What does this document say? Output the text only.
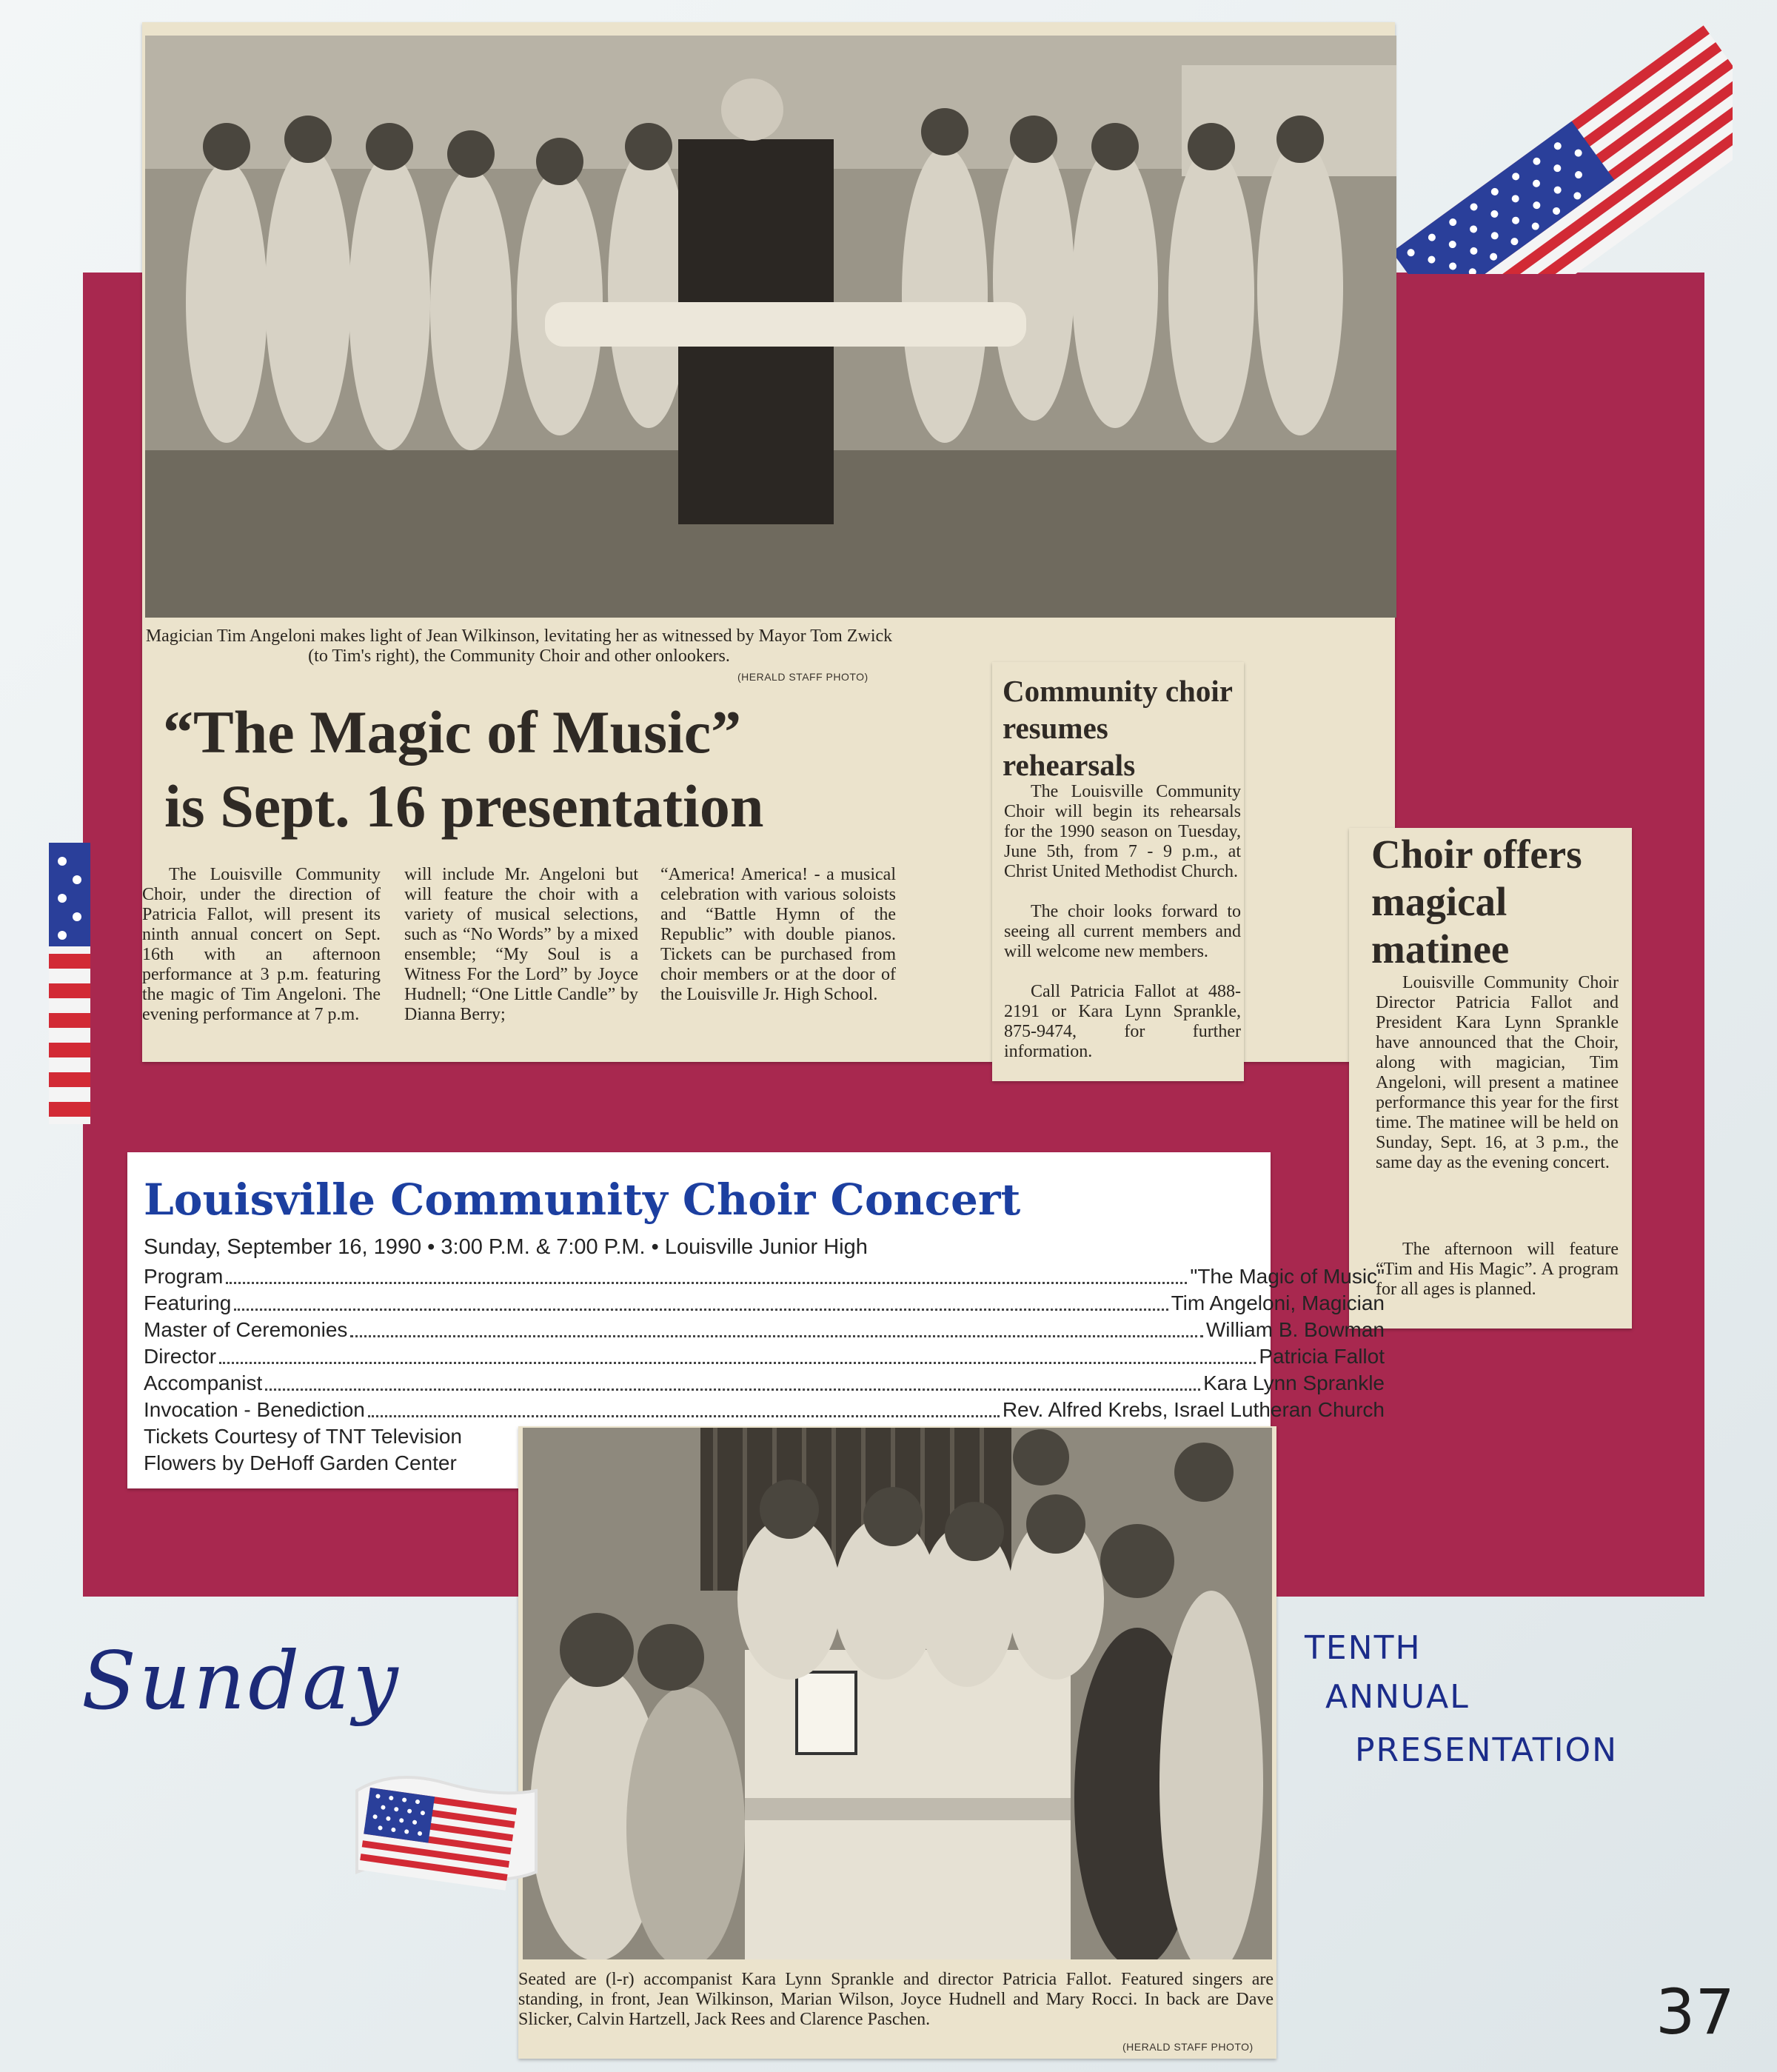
Magician Tim Angeloni makes light of Jean Wilkinson, levitating her as witnessed by Mayor Tom Zwick (to Tim's right), the Community Choir and other onlookers.
(HERALD STAFF PHOTO)
“The Magic of Music”
is Sept. 16 presentation
The Louisville Community Choir, under the direction of Patricia Fallot, will present its ninth annual concert on Sept. 16th with an afternoon performance at 3 p.m. featuring the magic of Tim Angeloni. The evening performance at 7 p.m.
will include Mr. Angeloni but will feature the choir with a variety of musical selections, such as “No Words” by a mixed ensemble; “My Soul is a Witness For the Lord” by Joyce Hudnell; “One Little Candle” by Dianna Berry;
“America! America! - a musical celebration with various soloists and “Battle Hymn of the Republic” with double pianos. Tickets can be purchased from choir members or at the door of the Louisville Jr. High School.
Community choir resumes rehearsals
The Louisville Community Choir will begin its rehearsals for the 1990 season on Tuesday, June 5th, from 7 - 9 p.m., at Christ United Methodist Church.
The choir looks forward to seeing all current members and will welcome new members.
Call Patricia Fallot at 488-2191 or Kara Lynn Sprankle, 875-9474, for further information.
Choir offers magical matinee
Louisville Community Choir Director Patricia Fallot and President Kara Lynn Sprankle have announced that the Choir, along with magician, Tim Angeloni, will present a matinee performance this year for the first time. The matinee will be held on Sunday, Sept. 16, at 3 p.m., the same day as the evening concert.
The afternoon will feature “Tim and His Magic”. A program for all ages is planned.
Louisville Community Choir Concert
Sunday, September 16, 1990 • 3:00 P.M. & 7:00 P.M. • Louisville Junior High
Program	"The Magic of Music"
Featuring	Tim Angeloni, Magician
Master of Ceremonies	William B. Bowman
Director	Patricia Fallot
Accompanist	Kara Lynn Sprankle
Invocation - Benediction	Rev. Alfred Krebs, Israel Lutheran Church
Tickets Courtesy of TNT Television
Flowers by DeHoff Garden Center
Seated are (l-r) accompanist Kara Lynn Sprankle and director Patricia Fallot. Featured singers are standing, in front, Jean Wilkinson, Marian Wilson, Joyce Hudnell and Mary Rocci. In back are Dave Slicker, Calvin Hartzell, Jack Rees and Clarence Paschen.
(HERALD STAFF PHOTO)
Sunday	TENTH
ANNUAL
PRESENTATION
37
